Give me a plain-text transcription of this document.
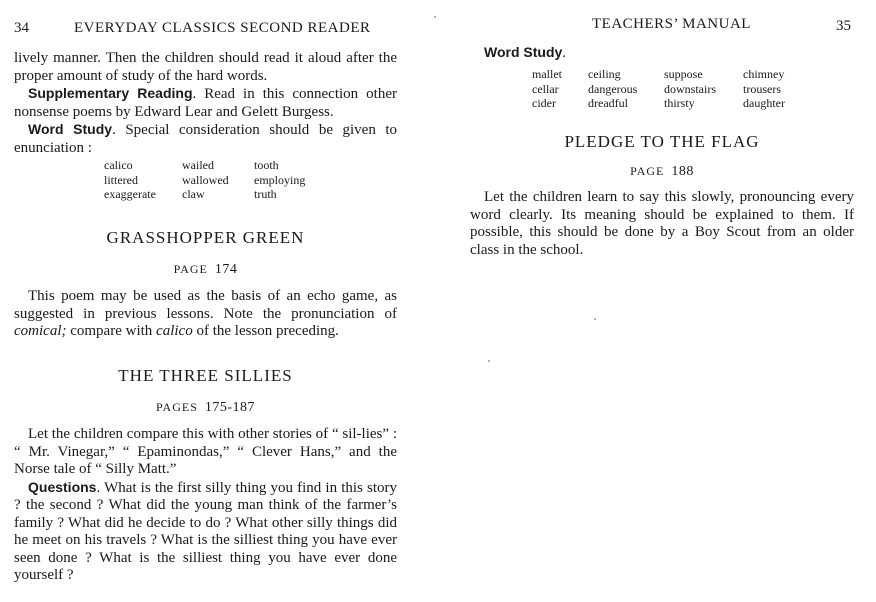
34	EVERYDAY CLASSICS SECOND READER

lively manner. Then the children should read it aloud after the proper amount of study of the hard words.

Supplementary Reading. Read in this connection other nonsense poems by Edward Lear and Gelett Burgess.

Word Study. Special consideration should be given to enunciation :

calico	wailed	tooth
littered	wallowed	employing
exaggerate	claw	truth
GRASSHOPPER GREEN
PAGE  174

This poem may be used as the basis of an echo game, as suggested in previous lessons. Note the pronunciation of comical; compare with calico of the lesson preceding.

THE THREE SILLIES
PAGES  175-187

Let the children compare this with other stories of “ sil-lies” : “ Mr. Vinegar,” “ Epaminondas,” “ Clever Hans,” and the Norse tale of “ Silly Matt.”

Questions. What is the first silly thing you find in this story ? the second ? What did the young man think of the farmer’s family ? What did he decide to do ? What other silly things did he meet on his travels ? What is the silliest thing you have ever seen done ? What is the silliest thing you have ever done yourself ?

TEACHERS’ MANUAL	35
Word Study.
mallet	ceiling	suppose	chimney
cellar	dangerous	downstairs	trousers
cider	dreadful	thirsty	daughter
PLEDGE TO THE FLAG
PAGE  188

Let the children learn to say this slowly, pronouncing every word clearly. Its meaning should be explained to them. If possible, this should be done by a Boy Scout from an older class in the school.
